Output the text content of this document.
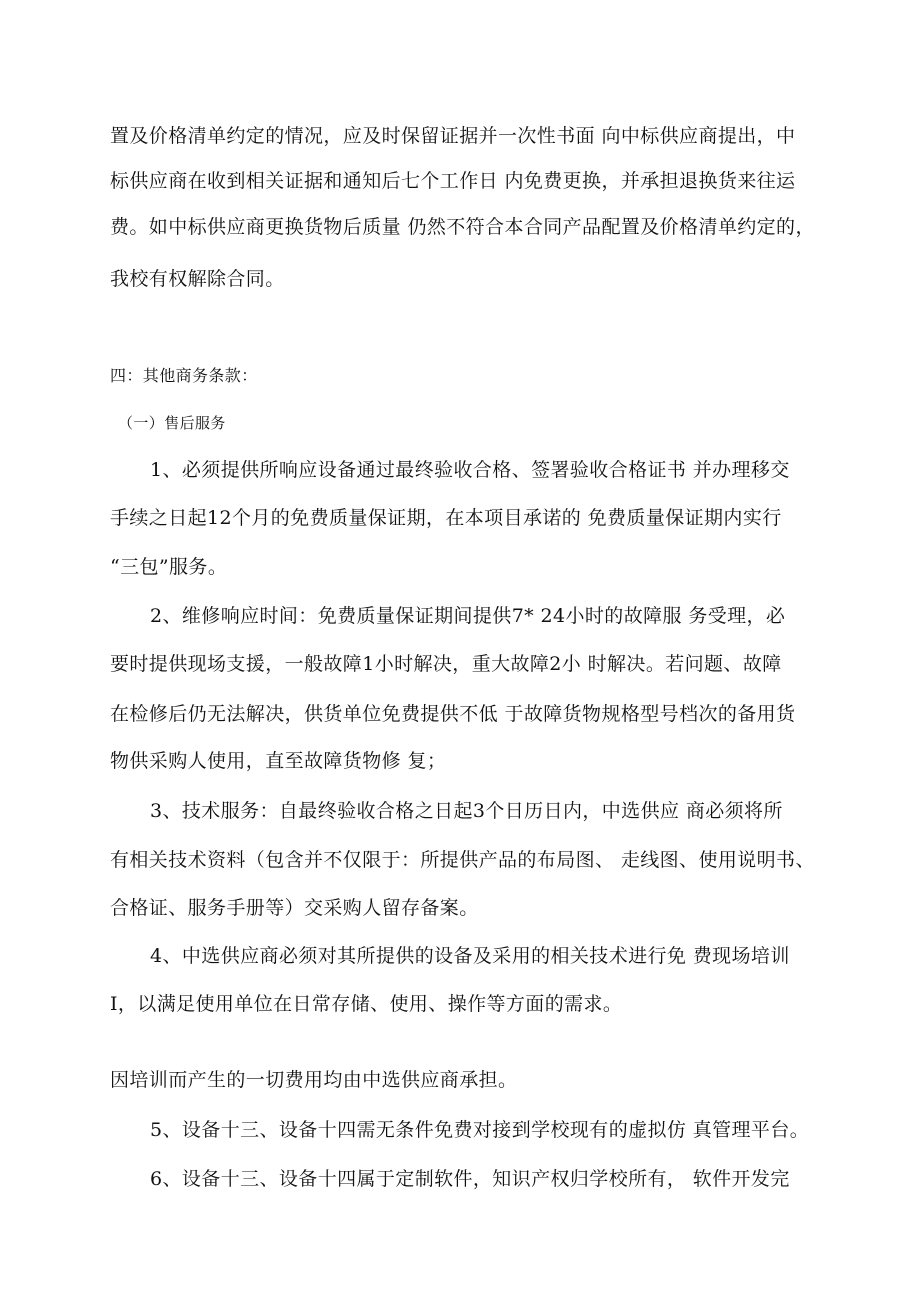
置及价格清单约定的情况，应及时保留证据并一次性书面 向中标供应商提出，中
标供应商在收到相关证据和通知后七个工作日 内免费更换，并承担退换货来往运
费。如中标供应商更换货物后质量 仍然不符合本合同产品配置及价格清单约定的，
我校有权解除合同。
四：其他商务条款：
（一）售后服务
1、必须提供所响应设备通过最终验收合格、签署验收合格证书 并办理移交
手续之日起12个月的免费质量保证期，在本项目承诺的 免费质量保证期内实行
“三包”服务。
2、维修响应时间：免费质量保证期间提供7* 24小时的故障服 务受理，必
要时提供现场支援，一般故障1小时解决，重大故障2小 时解决。若问题、故障
在检修后仍无法解决，供货单位免费提供不低 于故障货物规格型号档次的备用货
物供采购人使用，直至故障货物修 复；
3、技术服务：自最终验收合格之日起3个日历日内，中选供应 商必须将所
有相关技术资料（包含并不仅限于：所提供产品的布局图、 走线图、使用说明书、
合格证、服务手册等）交采购人留存备案。
4、中选供应商必须对其所提供的设备及采用的相关技术进行免 费现场培训
I，以满足使用单位在日常存储、使用、操作等方面的需求。
因培训而产生的一切费用均由中选供应商承担。
5、设备十三、设备十四需无条件免费对接到学校现有的虚拟仿 真管理平台。
6、设备十三、设备十四属于定制软件，知识产权归学校所有， 软件开发完
